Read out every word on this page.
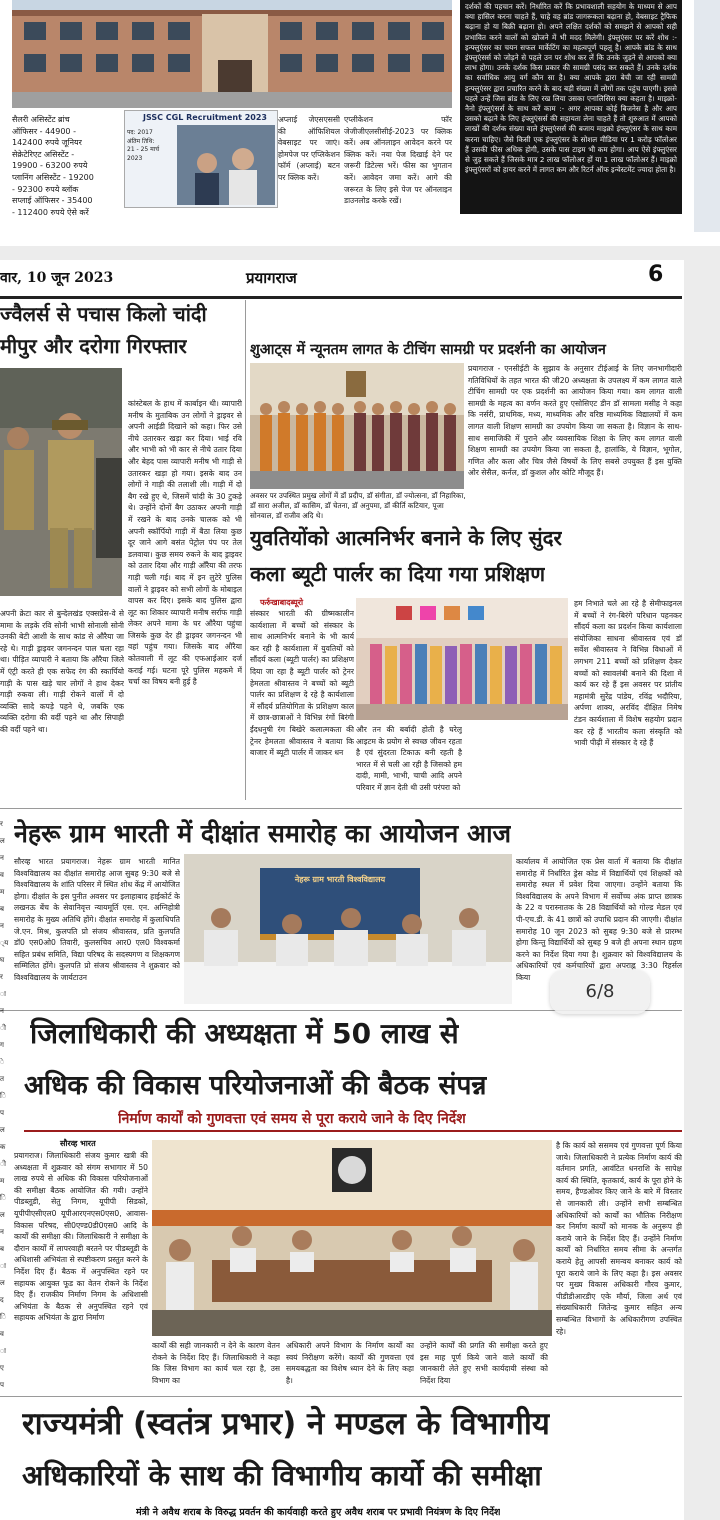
सैलरी असिस्टेंट ब्रांच
ऑफिसर - 44900 -
142400 रुपये जूनियर
सेक्रेटेरिएट असिस्टेंट -
19900 - 63200 रुपये
प्लानिंग असिस्टेंट - 19200
- 92300 रुपये ब्लॉक
सप्लाई ऑफिसर - 35400
- 112400 रुपये ऐसे करें
JSSC CGL Recruitment 2023
पद: 2017
अंतिम तिथि:
21 - 25 मार्च
2023

अप्लाई जेएसएससी की ऑफिशियल वेबसाइट पर जाएं। होमपेज पर एप्लिकेशन फॉर्म (अप्लाई) बटन पर क्लिक करें।

एप्लीकेशन फॉर जेजीजीएलसीसीई-2023 पर क्लिक करें। अब ऑनलाइन आवेदन करने पर क्लिक करें। नया पेज दिखाई देने पर जरूरी डिटेल्स भरें। फीस का भुगतान करें। आवेदन जमा करें। आगे की जरूरत के लिए इसे पेज पर ऑनलाइन डाउनलोड करके रखें।

दर्शकों की पहचान करें। निर्धारित करें कि प्रभावशाली सहयोग के माध्यम से आप क्या हासिल करना चाहते हैं, चाहे वह ब्रांड जागरूकता बढ़ाना हो, वेबसाइट ट्रैफिक बढ़ाना हो या बिक्री बढ़ाना हो। अपने लक्षित दर्शकों को समझने से आपको सही प्रभावित करने वालों को खोजने में भी मदद मिलेगी। इंफ्लुएंसर पर करें शोध :- इन्फ्लुएंसर का चयन सफल मार्केटिंग का महत्वपूर्ण पहलू है। आपके ब्रांड के साथ इंफ्लुएंसर्स को जोड़ने से पहले उन पर शोध कर लें कि उनके जुड़ने से आपको क्या लाभ होगा। उनके दर्शक किस प्रकार की सामग्री पसंद कर सकते हैं। उनके दर्शक का सर्वाधिक आयु वर्ग कौन सा है। क्या आपके द्वारा बेची जा रही सामग्री इन्फ्लुएंसर द्वारा प्रचारित करने के बाद बड़ी संख्या में लोगों तक पहुंच पाएगी। इससे पहले उन्हें जिस ब्रांड के लिए रख लिया उसका एनालिसिस क्या कहता है। माइक्रो-नैनो इंफ्लुएंसर्स के साथ करें काम :- अगर आपका कोई बिजनेस है और आप उसको बढ़ाने के लिए इंफ्लुएंसर्स की सहायता लेना चाहते हैं तो शुरुआत में आपको लाखों की दर्शक संख्या वाले इंफ्लुएंसर्स की बजाय माइक्रो इंफ्लुएंसर के साथ काम करना चाहिए। जैसे किसी एक इंफ्लुएंसर के सोशल मीडिया पर 1 करोड़ फॉलोअर हैं उसकी फीस अधिक होगी, उसके पास टाइम भी कम होगा। आप ऐसे इंफ्लुएंसर से जुड़ सकते हैं जिसके मात्र 2 लाख फॉलोअर हों या 1 लाख फॉलोअर हैं। माइक्रो इंफ्लुएंसरों को हायर करने में लागत कम और रिटर्न ऑफ इन्वेस्टमेंट ज्यादा होता है।

वार, 10 जून 2023	प्रयागराज	6
ज्वैलर्स से पचास किलो चांदी
मीपुर और दरोगा गिरफ्तार

कांस्टेबल के हाथ में कार्बाइन थी। व्यापारी मनीष के मुताबिक उन लोगों ने ड्राइवर से अपनी आईडी दिखाने को कहा। फिर उसे नीचे उतारकर खड़ा कर दिया। भाई रवि और भाभी को भी कार से नीचे उतार दिया और बेहद पास व्यापारी मनीष भी गाड़ी से उतारकर खड़ा हो गया। इसके बाद उन लोगों ने गाड़ी की तलाशी ली। गाड़ी में दो बैग रखे हुए थे, जिसमें चांदी के 30 टुकड़े थे। उन्होंने दोनों बैग उठाकर अपनी गाड़ी में रखने के बाद उनके चालक को भी अपनी स्कॉर्पियो गाड़ी में बैठा लिया कुछ दूर जाने आगे बसंत पेट्रोल पंप पर तेल डलवाया। कुछ समय रुकने के बाद ड्राइवर को उतार दिया और गाड़ी आँरैया की तरफ गाड़ी चली गई। बाद में इन लुटेरे पुलिस वालों ने ड्राइवर को सभी लोगों के मोबाइल वापस कर दिए। इसके बाद पुलिस द्वारा लूट का शिकार व्यापारी मनीष सर्राफ गाड़ी लेकर अपने मामा के घर औरैया पहुंचा जिसके कुछ देर ही ड्राइवर जगनन्दन भी वहां पहुंच गया। जिसके बाद औरैया कोतवाली में लूट की एफआईआर दर्ज कराई गई। घटना पूरे पुलिस महकमे में चर्चा का विषय बनी हुई है

अपनी क्रेटा कार से बुन्देलखंड एक्सप्रेस-वे से मामा के लड़के रवि सोनी भाभी सोनाली सोनी उनकी बेटी आशी के साथ कांड से औरैया जा रहे थे। गाड़ी ड्राइवर जगनन्दन पाल चला रहा था। पीड़ित व्यापारी ने बताया कि औरैया जिले में एंट्री करते ही एक सफेद रंग की स्कार्पियो गाड़ी के पास खड़े चार लोगों ने हाथ देकर गाड़ी रुकवा ली। गाड़ी रोकने वालों में दो व्यक्ति सादे कपड़े पहने थे, जबकि एक व्यक्ति दरोगा की वर्दी पहने था और सिपाही की वर्दी पहने था।

शुआट्स में न्यूनतम लागत के टीचिंग सामग्री पर प्रदर्शनी का आयोजन

प्रयागराज - एनसीईटी के सुझाव के अनुसार टीईआई के लिए जनभागीदारी गतिविधियों के तहत भारत की जी20 अध्यक्षता के उपलक्ष्य में कम लागत वाले टीचिंग सामग्री पर एक प्रदर्शनी का आयोजन किया गया। कम लागत वाली सामग्री के महत्व का वर्णन करते हुए एसोसिएट डीन डॉ सामला मसीह ने कहा कि नर्सरी, प्राथमिक, मध्य, माध्यमिक और वरिष्ठ माध्यमिक विद्यालयों में कम लागत वाली शिक्षण सामग्री का उपयोग किया जा सकता है। विज्ञान के साथ-साथ समाजिकी में पुराने और व्यवसायिक शिक्षा के लिए कम लागत वाली शिक्षण सामग्री का उपयोग किया जा सकता है, हालांकि, ये विज्ञान, भूगोल, गणित और कला और चित्र जैसे विषयों के लिए सबसे उपयुक्त हैं इस युक्ति ओर सेसैल, कर्नल, डॉ कुशल और कोटि मौजूद हैं।

अवसर पर उपस्थित प्रमुख लोगों में डॉ प्रदीप, डॉ संगीता, डॉ ज्योत्सना, डॉ निहारिका, डॉ सारा अजील, डॉ कासिम, डॉ चेतना, डॉ अनुपमा, डॉ कीर्ति कटियार, पूजा सोनवाल, डॉ राजीव अदि थे।
युवतियोंको आत्मनिर्भर बनाने के लिए सुंदर
कला ब्यूटी पार्लर का दिया गया प्रशिक्षण
फर्रुखाबादब्यूरो

संस्कार भारती की ग्रीष्मकालीन कार्यशाला में बच्चों को संस्कार के साथ आत्मनिर्भर बनाने के भी कार्य कर रही है कार्यशाला में युवतियों को सौंदर्य कला (ब्यूटी पार्लर) का प्रशिक्षण दिया जा रहा है ब्यूटी पार्लर को ट्रेनर हेमलता श्रीवास्तव ने बच्चों को ब्यूटी पार्लर का प्रशिक्षण दे रहे है कार्यशाला में सौंदर्य प्रतियोगिता के प्रशिक्षण काल में छात्र-छात्राओं ने विभिन्न रंगों बिरंगी ईंदधनुषी रंग बिखेरे कलात्मकता की ट्रेनर हेमलता श्रीवास्तव ने बताया कि बाजार में ब्यूटी पार्लर में जाकर धन

और तन की बर्बादी होती है घरेलू आइटम के प्रयोग से स्वच्छ जीवन रहता है एवं सुंदरता टिकाऊ बनी रहती है भारत में से चली आ रही है जिसको हम दादी, मामी, भाभी, चाची आदि अपने परिवार में ज्ञान देती थी उसी परंपरा को

हम निभाते चले आ रहे है सेमीफाइनल में बच्चों ने रंग-बिरंगे परिधान पहनकर सौंदर्य कला का प्रदर्शन किया कार्यशाला संयोजिका साधना श्रीवास्तव एवं डॉ सर्वेश श्रीवास्तव ने विभिन्न विधाओं में लगभग 211 बच्चों को प्रशिक्षण देकर बच्चों को स्वावलंबी बनाने की दिशा में कार्य कर रहे हैं इस अवसर पर प्रांतीय महामंत्री सुरेंद्र पांडेय, रविंद्र भदौरिया, अर्पणा शाक्य, अरविंद दीक्षित निमेष टंडन कार्यशाला में विशेष सहयोग प्रदान कर रहे हैं भारतीय कला संस्कृति को भावी पीढ़ी में संस्कार दे रहे हैं

नेहरू ग्राम भारती में दीक्षांत समारोह का आयोजन आज

सौरव्ह भारत प्रयागराज। नेहरू ग्राम भारती मानित विश्वविद्यालय का दीक्षांत समारोह आज सुबह 9:30 बजे से विश्वविद्यालय के शांति परिसर में स्थित शोध केंद्र में आयोजित होगा। दीक्षांत के इस पुनीत अवसर पर इलाहाबाद हाईकोर्ट के लखनऊ बेंच के सेवानिवृत्त न्यायमूर्ति एस. एन. अग्निहोत्री समारोह के मुख्य अतिथि होंगे। दीक्षांत समारोह में कुलाधिपति जे.एन. मिश्र, कुलपति प्रो संजय श्रीवास्तव, प्रति कुलपति डॉ0 एस0ओ0 तिवारी, कुलसचिव आर0 एल0 विश्वकर्मा सहित प्रबंध समिति, विद्या परिषद के सदस्यगण व शिक्षकगण सम्मिलित होंगे। कुलपति प्रो संजय श्रीवास्तव ने शुक्रवार को विश्वविद्यालय के जार्यटाउन

नेहरू ग्राम भारती विश्वविद्यालय

कार्यालय में आयोजित एक प्रेस वार्ता में बताया कि दीक्षांत समारोह में निर्धारित ड्रेस कोड में विद्यार्थियों एवं शिक्षकों को समारोह स्थल में प्रवेश दिया जाएगा। उन्होंने बताया कि विश्वविद्यालय के अपने विभाग में सर्वोच्च अंक प्राप्त छात्रक के 22 व परास्नातक के 28 विद्यार्थियों को गोल्ड मेडल एवं पी-एच.डी. के 41 छात्रों को उपाधि प्रदान की जाएगी। दीक्षांत समारोह 10 जून 2023 को सुबह 9:30 बजे से प्रारम्भ होगा किन्तु विद्यार्थियों को सुबह 9 बजे ही अपना स्थान ग्रहण करने का निर्देश दिया गया है। शुक्रवार को विश्वविद्यालय के अधिकारियों एवं कर्मचारियों द्वारा अपराह्न 3:30 रिहर्सल किया

जिलाधिकारी की अध्यक्षता में 50 लाख से
अधिक की विकास परियोजनाओं की बैठक संपन्न
निर्माण कार्यों को गुणवत्ता एवं समय से पूरा कराये जाने के दिए निर्देश
सौरव्ह भारत

प्रयागराज। जिलाधिकारी संजय कुमार खत्री की अध्यक्षता में शुक्रवार को संगम सभागार में 50 लाख रुपये से अधिक की विकास परियोजनाओं की समीक्षा बैठक आयोजित की गयी। उन्होंने पीडब्लूडी, सेतु निगम, यूपीपी सिडको, यूपीपीएसीएल0 यूपीआरएनएस0एस0, आवास-विकास परिषद, सी0एण्ड0डी0एस0 आदि के कार्यों की समीक्षा की। जिलाधिकारी ने समीक्षा के दौरान कार्यों में लापरवाही बरतने पर पीडब्लूडी के अधिशासी अभियंता से स्पष्टीकरण प्रस्तुत करने के निर्देश दिए हैं। बैठक में अनुपस्थित रहने पर सहायक आयुक्त फूड का वेतन रोकने के निर्देश दिए हैं। राजकीय निर्माण निगम के अधिशासी अभियंता के बैठक से अनुपस्थित रहने एवं सहायक अभियंता के द्वारा निर्माण

कार्यों की सही जानकारी न देने के कारण वेतन रोकने के निर्देश दिए हैं। जिलाधिकारी ने कहा कि जिस विभाग का कार्य चल रहा है, उस विभाग का

अधिकारी अपने विभाग के निर्माण कार्यों का स्वयं निरीक्षण करेंगे। कार्यों की गुणवत्ता एवं समयबद्धता का विशेष ध्यान देने के लिए कहा है।

उन्होंने कार्यों की प्रगति की समीक्षा करते हुए इस माह पूर्ण किये जाने वाले कार्यों की जानकारी लेते हुए सभी कार्यदायी संस्था को निर्देश दिया

है कि कार्य को ससमय एवं गुणवत्ता पूर्ण किया जाये। जिलाधिकारी ने प्रत्येक निर्माण कार्य की वर्तमान प्रगति, आवंटित धनराशि के सापेक्ष कार्य की स्थिति, कृतकार्य, कार्य के पूरा होने के समय, हैण्डओवर किए जाने के बारे में विस्तार से जानकारी ली। उन्होंने सभी सम्बन्धित अधिकारियों को कार्यों का भौतिक निरीक्षण कर निर्माण कार्यों को मानक के अनुरूप ही कराये जाने के निर्देश दिए हैं। उन्होंने निर्माण कार्यों को निर्धारित समय सीमा के अन्तर्गत कराये हेतु आपसी समन्वय बनाकर कार्य को पूरा कराये जाने के लिए कहा है। इस अवसर पर मुख्य विकास अधिकारी गौरव कुमार, पीडीडीआरडीए एके मौर्या, जिला अर्थ एवं संख्याधिकारी जितेन्द्र कुमार सहित अन्य सम्बन्धित विभागों के अधिकारीगण उपस्थित रहे।

राज्यमंत्री (स्वतंत्र प्रभार) ने मण्डल के विभागीय
अधिकारियों के साथ की विभागीय कार्यो की समीक्षा
मंत्री ने अवैध शराब के विरुद्ध प्रवर्तन की कार्यवाही करते हुए अवैध शराब पर प्रभावी नियंत्रण के दिए निर्देश
र
ल
न
व
म
ब
न
्य
घ
र
ा
न
ी
ग
े
त
ि
प
ल
क
ी
म
ि
ल
न
ब
ा
ल
द
ि
व
ा
ए
प
6/8
